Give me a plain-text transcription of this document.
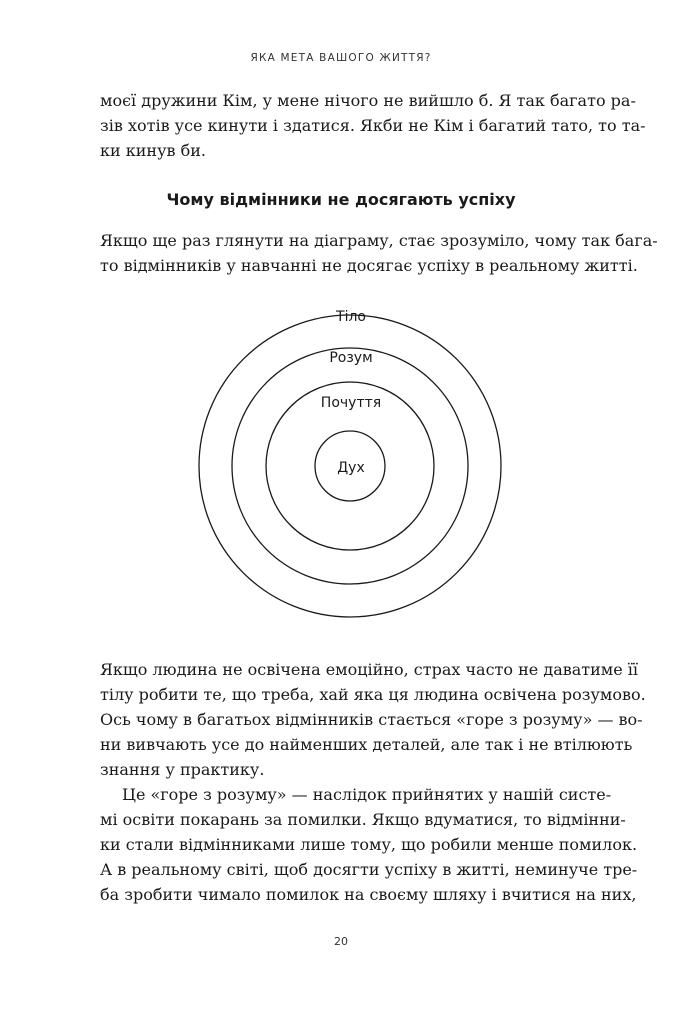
ЯКА МЕТА ВАШОГО ЖИТТЯ?
моєї дружини Кім, у мене нічого не вийшло б. Я так багато ра-
зів хотів усе кинути і здатися. Якби не Кім і багатий тато, то та-
ки кинув би.
Чому відмінники не досягають успіху
Якщо ще раз глянути на діаграму, стає зрозуміло, чому так бага-
то відмінників у навчанні не досягає успіху в реальному житті.
Тіло
Розум
Почуття
Дух
Якщо людина не освічена емоційно, страх часто не даватиме її
тілу робити те, що треба, хай яка ця людина освічена розумово.
Ось чому в багатьох відмінників стається «горе з розуму» — во-
ни вивчають усе до найменших деталей, але так і не втілюють
знання у практику.
Це «горе з розуму» — наслідок прийнятих у нашій систе-
мі освіти покарань за помилки. Якщо вдуматися, то відмінни-
ки стали відмінниками лише тому, що робили менше помилок.
А в реальному світі, щоб досягти успіху в житті, неминуче тре-
ба зробити чимало помилок на своєму шляху і вчитися на них,
20
